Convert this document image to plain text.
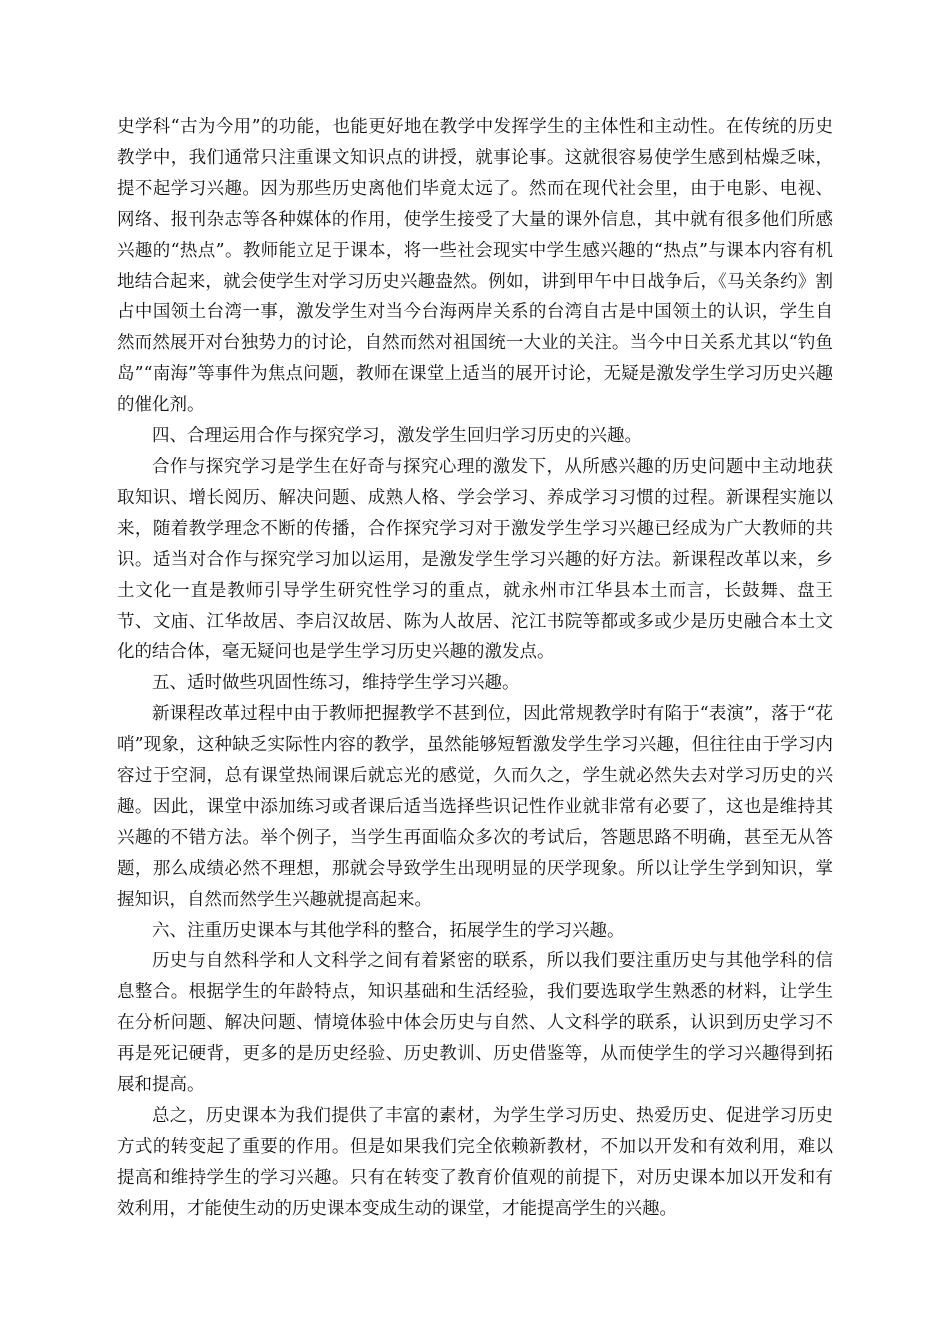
史学科“古为今用”的功能，也能更好地在教学中发挥学生的主体性和主动性。在传统的历史教学中，我们通常只注重课文知识点的讲授，就事论事。这就很容易使学生感到枯燥乏味，提不起学习兴趣。因为那些历史离他们毕竟太远了。然而在现代社会里，由于电影、电视、网络、报刊杂志等各种媒体的作用，使学生接受了大量的课外信息，其中就有很多他们所感兴趣的“热点”。教师能立足于课本，将一些社会现实中学生感兴趣的“热点”与课本内容有机地结合起来，就会使学生对学习历史兴趣盎然。例如，讲到甲午中日战争后，《马关条约》割占中国领土台湾一事，激发学生对当今台海两岸关系的台湾自古是中国领土的认识，学生自然而然展开对台独势力的讨论，自然而然对祖国统一大业的关注。当今中日关系尤其以“钓鱼岛”“南海”等事件为焦点问题，教师在课堂上适当的展开讨论，无疑是激发学生学习历史兴趣的催化剂。

四、合理运用合作与探究学习，激发学生回归学习历史的兴趣。

合作与探究学习是学生在好奇与探究心理的激发下，从所感兴趣的历史问题中主动地获取知识、增长阅历、解决问题、成熟人格、学会学习、养成学习习惯的过程。新课程实施以来，随着教学理念不断的传播，合作探究学习对于激发学生学习兴趣已经成为广大教师的共识。适当对合作与探究学习加以运用，是激发学生学习兴趣的好方法。新课程改革以来，乡土文化一直是教师引导学生研究性学习的重点，就永州市江华县本土而言，长鼓舞、盘王节、文庙、江华故居、李启汉故居、陈为人故居、沱江书院等都或多或少是历史融合本土文化的结合体，毫无疑问也是学生学习历史兴趣的激发点。

五、适时做些巩固性练习，维持学生学习兴趣。

新课程改革过程中由于教师把握教学不甚到位，因此常规教学时有陷于“表演”，落于“花哨”现象，这种缺乏实际性内容的教学，虽然能够短暂激发学生学习兴趣，但往往由于学习内容过于空洞，总有课堂热闹课后就忘光的感觉，久而久之，学生就必然失去对学习历史的兴趣。因此，课堂中添加练习或者课后适当选择些识记性作业就非常有必要了，这也是维持其兴趣的不错方法。举个例子，当学生再面临众多次的考试后，答题思路不明确，甚至无从答题，那么成绩必然不理想，那就会导致学生出现明显的厌学现象。所以让学生学到知识，掌握知识，自然而然学生兴趣就提高起来。

六、注重历史课本与其他学科的整合，拓展学生的学习兴趣。

历史与自然科学和人文科学之间有着紧密的联系，所以我们要注重历史与其他学科的信息整合。根据学生的年龄特点，知识基础和生活经验，我们要选取学生熟悉的材料，让学生在分析问题、解决问题、情境体验中体会历史与自然、人文科学的联系，认识到历史学习不再是死记硬背，更多的是历史经验、历史教训、历史借鉴等，从而使学生的学习兴趣得到拓展和提高。

总之，历史课本为我们提供了丰富的素材，为学生学习历史、热爱历史、促进学习历史方式的转变起了重要的作用。但是如果我们完全依赖新教材，不加以开发和有效利用，难以提高和维持学生的学习兴趣。只有在转变了教育价值观的前提下，对历史课本加以开发和有效利用，才能使生动的历史课本变成生动的课堂，才能提高学生的兴趣。
